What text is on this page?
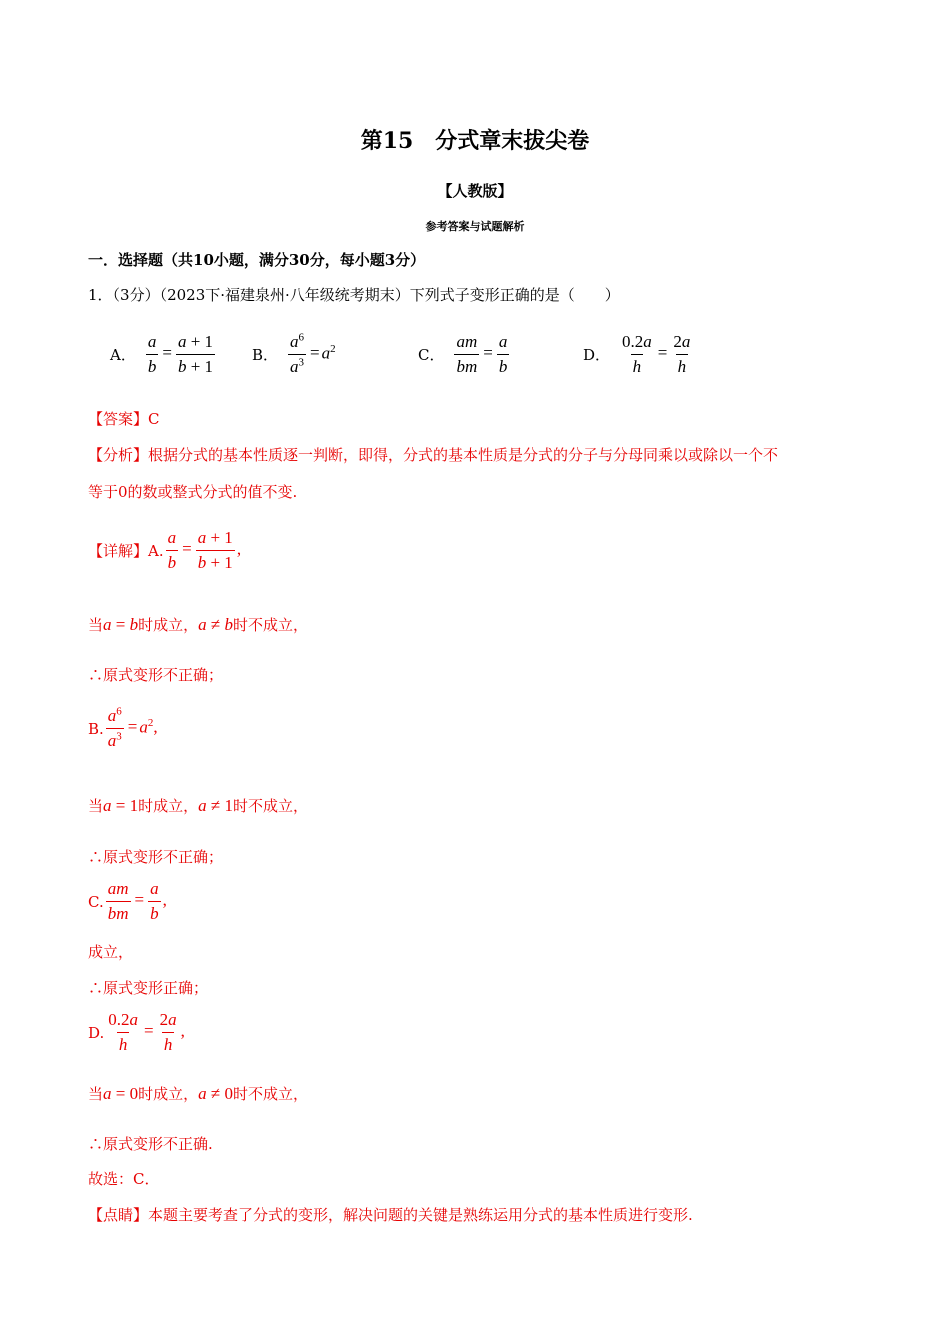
第15　分式章末拔尖卷
【人教版】
参考答案与试题解析
一．选择题（共10小题，满分30分，每小题3分）
1．（3分）（2023下·福建泉州·八年级统考期末）下列式子变形正确的是（　　）
A． $\frac{a}{b} = \frac{a + 1}{b + 1}$ B． $\frac{a^6}{a^3} = a^2$	C． $\frac{am}{bm} = \frac{a}{b}$	D． $\frac{0.2a}{h} = \frac{2a}{h}$
【答案】C
【分析】根据分式的基本性质逐一判断，即得，分式的基本性质是分式的分子与分母同乘以或除以一个不
等于0的数或整式分式的值不变.
【详解】 A. $\frac{a}{b} = \frac{a + 1}{b + 1}$ ,
当 a = b 时成立， a ≠ b 时不成立，
∴原式变形不正确；
B. $\frac{a^6}{a^3} = a^2$,
当 a = 1 时成立， a ≠ 1 时不成立，
∴原式变形不正确；
C. $\frac{am}{bm} = \frac{a}{b}$ ,
成立，
∴原式变形正确；
D. $\frac{0.2a}{h} = \frac{2a}{h}$ ,
当 a = 0 时成立， a ≠ 0 时不成立，
∴原式变形不正确.
故选：C．
【点睛】本题主要考查了分式的变形，解决问题的关键是熟练运用分式的基本性质进行变形.
